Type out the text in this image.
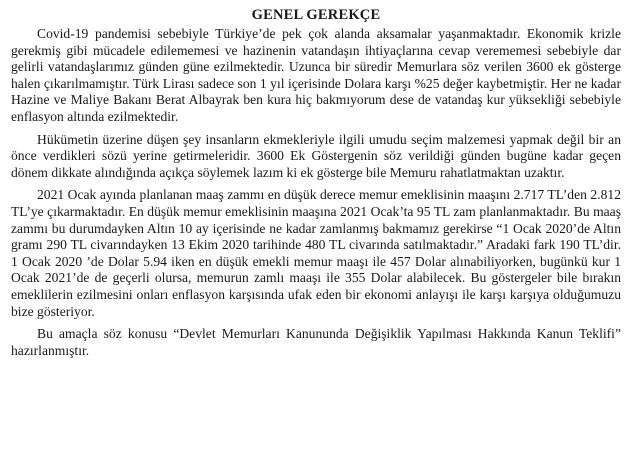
GENEL GEREKÇE

Covid-19 pandemisi sebebiyle Türkiye’de pek çok alanda aksamalar yaşanmaktadır. Ekonomik krizle gerekmiş gibi mücadele edilememesi ve hazinenin vatandaşın ihtiyaçlarına cevap verememesi sebebiyle dar gelirli vatandaşlarımız günden güne ezilmektedir. Uzunca bir süredir Memurlara söz verilen 3600 ek gösterge halen çıkarılmamıştır. Türk Lirası sadece son 1 yıl içerisinde Dolara karşı %25 değer kaybetmiştir. Her ne kadar Hazine ve Maliye Bakanı Berat Albayrak ben kura hiç bakmıyorum dese de vatandaş kur yüksekliği sebebiyle enflasyon altında ezilmektedir.

Hükümetin üzerine düşen şey insanların ekmekleriyle ilgili umudu seçim malzemesi yapmak değil bir an önce verdikleri sözü yerine getirmeleridir. 3600 Ek Göstergenin söz verildiği günden bugüne kadar geçen dönem dikkate alındığında açıkça söylemek lazım ki ek gösterge bile Memuru rahatlatmaktan uzaktır.

2021 Ocak ayında planlanan maaş zammı en düşük derece memur emeklisinin maaşını 2.717 TL’den 2.812 TL’ye çıkarmaktadır. En düşük memur emeklisinin maaşına 2021 Ocak’ta 95 TL zam planlanmaktadır. Bu maaş zammı bu durumdayken Altın 10 ay içerisinde ne kadar zamlanmış bakmamız gerekirse “1 Ocak 2020’de Altın gramı 290 TL civarındayken 13 Ekim 2020 tarihinde 480 TL civarında satılmaktadır.” Aradaki fark 190 TL’dir. 1 Ocak 2020 ’de Dolar 5.94 iken en düşük emekli memur maaşı ile 457 Dolar alınabiliyorken, bugünkü kur 1 Ocak 2021’de de geçerli olursa, memurun zamlı maaşı ile 355 Dolar alabilecek. Bu göstergeler bile bırakın emeklilerin ezilmesini onları enflasyon karşısında ufak eden bir ekonomi anlayışı ile karşı karşıya olduğumuzu bize gösteriyor.

Bu amaçla söz konusu “Devlet Memurları Kanununda Değişiklik Yapılması Hakkında Kanun Teklifi” hazırlanmıştır.
